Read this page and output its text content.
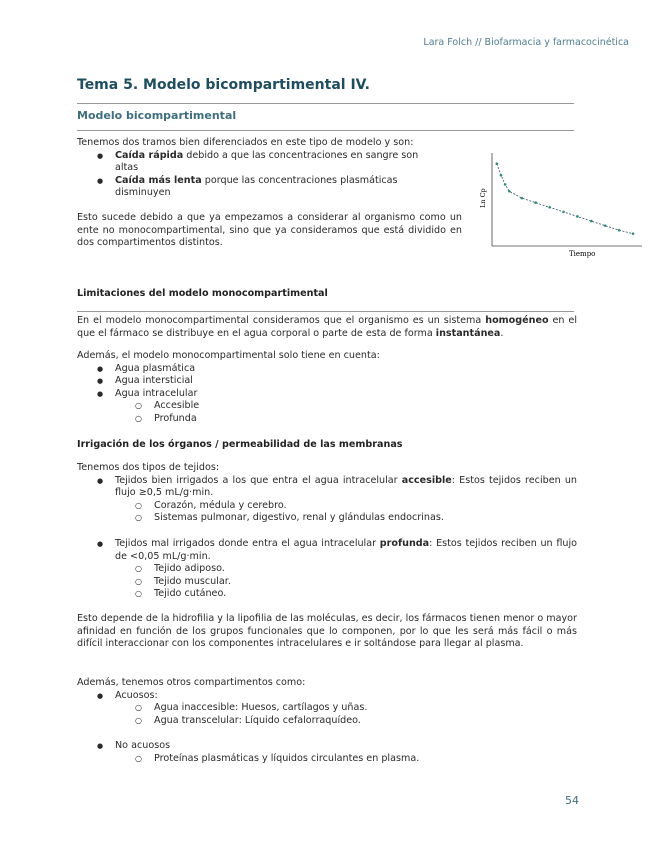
Lara Folch // Biofarmacia y farmacocinética
Tema 5. Modelo bicompartimental IV.
Modelo bicompartimental

Tenemos dos tramos bien diferenciados en este tipo de modelo y son:

● Caída rápida debido a que las concentraciones en sangre son altas
● Caída más lenta porque las concentraciones plasmáticas disminuyen

Esto sucede debido a que ya empezamos a considerar al organismo como un ente no monocompartimental, sino que ya consideramos que está dividido en dos compartimentos distintos.

Ln Cp
Tiempo

Limitaciones del modelo monocompartimental

En el modelo monocompartimental consideramos que el organismo es un sistema homogéneo en el que el fármaco se distribuye en el agua corporal o parte de esta de forma instantánea.

Además, el modelo monocompartimental solo tiene en cuenta:

● Agua plasmática
● Agua intersticial
● Agua intracelular
○ Accesible
○ Profunda

Irrigación de los órganos / permeabilidad de las membranas

Tenemos dos tipos de tejidos:

● Tejidos bien irrigados a los que entra el agua intracelular accesible: Estos tejidos reciben un flujo ≥0,5 mL/g·min.
○ Corazón, médula y cerebro.
○ Sistemas pulmonar, digestivo, renal y glándulas endocrinas.
● Tejidos mal irrigados donde entra el agua intracelular profunda: Estos tejidos reciben un flujo de <0,05 mL/g·min.
○ Tejido adiposo.
○ Tejido muscular.
○ Tejido cutáneo.

Esto depende de la hidrofilia y la lipofilia de las moléculas, es decir, los fármacos tienen menor o mayor afinidad en función de los grupos funcionales que lo componen, por lo que les será más fácil o más difícil interaccionar con los componentes intracelulares e ir soltándose para llegar al plasma.

Además, tenemos otros compartimentos como:

● Acuosos:
○ Agua inaccesible: Huesos, cartílagos y uñas.
○ Agua transcelular: Líquido cefalorraquídeo.
● No acuosos
○ Proteínas plasmáticas y líquidos circulantes en plasma.
54
